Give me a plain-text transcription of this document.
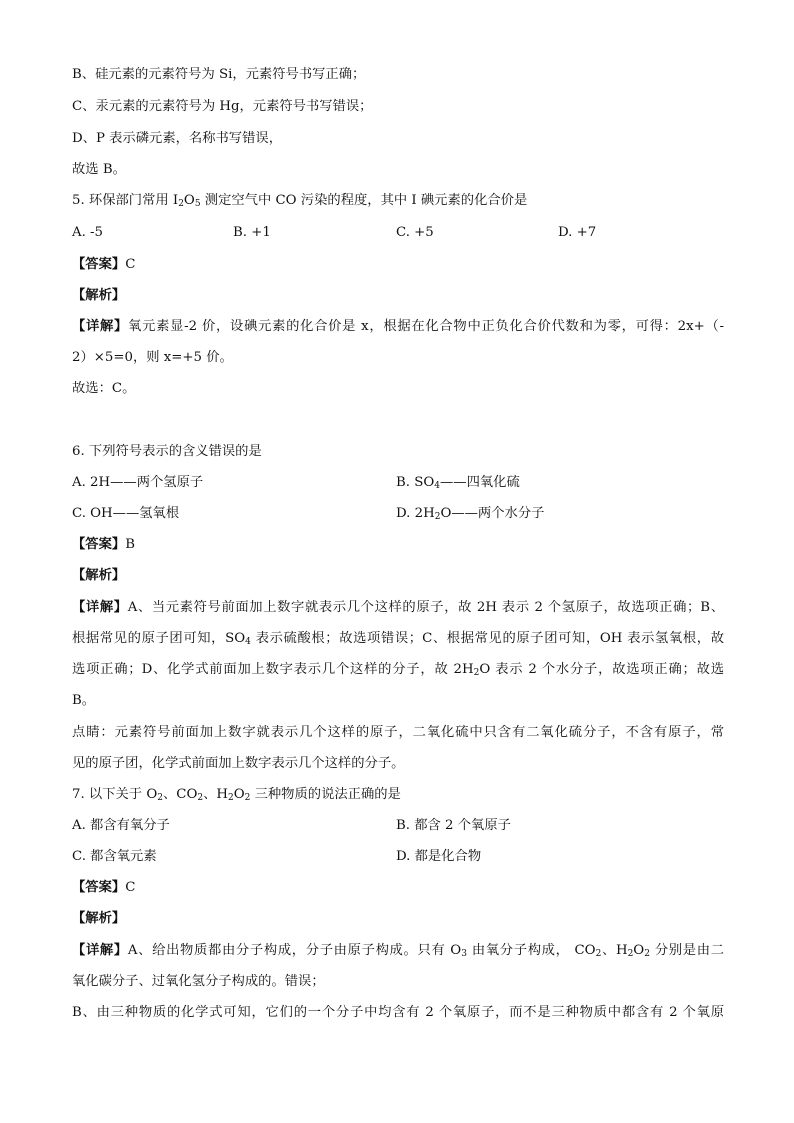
B、硅元素的元素符号为 Si，元素符号书写正确；
C、汞元素的元素符号为 Hg，元素符号书写错误；
D、P 表示磷元素，名称书写错误，
故选 B。
5. 环保部门常用 $I_2O_5$ 测定空气中 CO 污染的程度，其中 I 碘元素的化合价是
A. -5	B. +1	C. +5	D. +7
【答案】C
【解析】
【详解】氧元素显-2 价，设碘元素的化合价是 x，根据在化合物中正负化合价代数和为零，可得：2x+（-
2）×5=0，则 x=+5 价。
故选：C。
6. 下列符号表示的含义错误的是
A. 2H——两个氢原子	B. $SO_4——$四氧化硫
C. OH——氢氧根	D. $2H_2O——$两个水分子
【答案】B
【解析】
【详解】A、当元素符号前面加上数字就表示几个这样的原子，故 2H 表示 2 个氢原子，故选项正确；B、
根据常见的原子团可知，$SO_4$ 表示硫酸根；故选项错误；C、根据常见的原子团可知，OH 表示氢氧根，故
选项正确；D、化学式前面加上数字表示几个这样的分子，故 $2H_2O$ 表示 2 个水分子，故选项正确；故选
B。
点睛：元素符号前面加上数字就表示几个这样的原子，二氧化硫中只含有二氧化硫分子，不含有原子，常
见的原子团，化学式前面加上数字表示几个这样的分子。
7. 以下关于 $O_2$、$CO_2$、$H_2O_2$ 三种物质的说法正确的是
A. 都含有氧分子	B. 都含 2 个氧原子
C. 都含氧元素	D. 都是化合物
【答案】C
【解析】
【详解】A、给出物质都由分子构成，分子由原子构成。只有 $O_3$ 由氧分子构成， $CO_2$、$H_2O_2$ 分别是由二
氧化碳分子、过氧化氢分子构成的。错误；
B、由三种物质的化学式可知，它们的一个分子中均含有 2 个氧原子，而不是三种物质中都含有 2 个氧原
